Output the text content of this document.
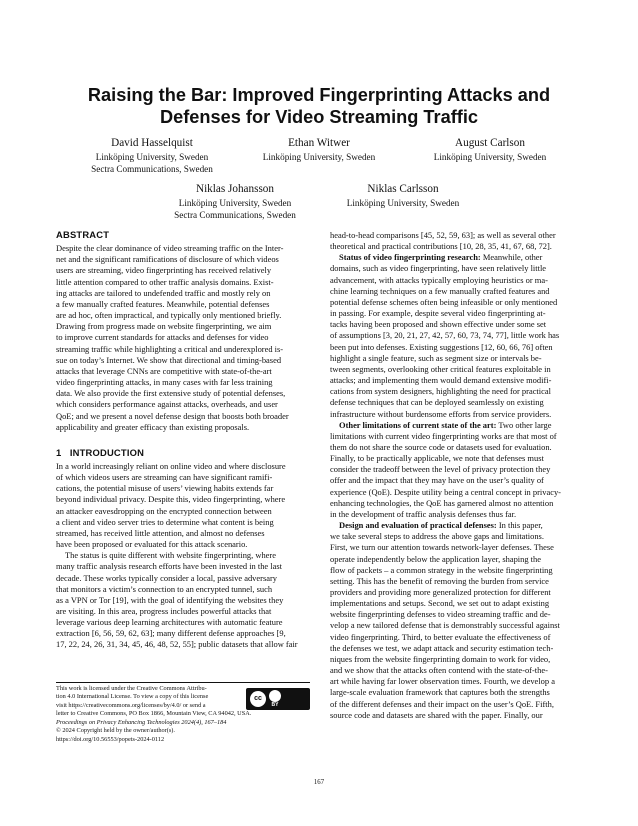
Raising the Bar: Improved Fingerprinting Attacks and
Defenses for Video Streaming Traffic
David Hasselquist
Linköping University, Sweden
Sectra Communications, Sweden
Ethan Witwer
Linköping University, Sweden
August Carlson
Linköping University, Sweden
Niklas Johansson
Linköping University, Sweden
Sectra Communications, Sweden
Niklas Carlsson
Linköping University, Sweden
ABSTRACT
Despite the clear dominance of video streaming traffic on the Inter-
net and the significant ramifications of disclosure of which videos
users are streaming, video fingerprinting has received relatively
little attention compared to other traffic analysis domains. Exist-
ing attacks are tailored to undefended traffic and mostly rely on
a few manually crafted features. Meanwhile, potential defenses
are ad hoc, often impractical, and typically only mentioned briefly.
Drawing from progress made on website fingerprinting, we aim
to improve current standards for attacks and defenses for video
streaming traffic while highlighting a critical and underexplored is-
sue on today’s Internet. We show that directional and timing-based
attacks that leverage CNNs are competitive with state-of-the-art
video fingerprinting attacks, in many cases with far less training
data. We also provide the first extensive study of potential defenses,
which considers performance against attacks, overheads, and user
QoE; and we present a novel defense design that boosts both broader
applicability and greater efficacy than existing proposals.
1   INTRODUCTION
In a world increasingly reliant on online video and where disclosure
of which videos users are streaming can have significant ramifi-
cations, the potential misuse of users’ viewing habits extends far
beyond individual privacy. Despite this, video fingerprinting, where
an attacker eavesdropping on the encrypted connection between
a client and video server tries to determine what content is being
streamed, has received little attention, and almost no defenses
have been proposed or evaluated for this attack scenario.
The status is quite different with website fingerprinting, where
many traffic analysis research efforts have been invested in the last
decade. These works typically consider a local, passive adversary
that monitors a victim’s connection to an encrypted tunnel, such
as a VPN or Tor [19], with the goal of identifying the websites they
are visiting. In this area, progress includes powerful attacks that
leverage various deep learning architectures with automatic feature
extraction [6, 56, 59, 62, 63]; many different defense approaches [9,
17, 22, 24, 26, 31, 34, 45, 46, 48, 52, 55]; public datasets that allow fair
This work is licensed under the Creative Commons Attribu-
tion 4.0 International License. To view a copy of this license
visit https://creativecommons.org/licenses/by/4.0/ or send a
letter to Creative Commons, PO Box 1866, Mountain View, CA 94042, USA.
Proceedings on Privacy Enhancing Technologies 2024(4), 167–184
© 2024 Copyright held by the owner/author(s).
https://doi.org/10.56553/popets-2024-0112
cc
BY
head-to-head comparisons [45, 52, 59, 63]; as well as several other
theoretical and practical contributions [10, 28, 35, 41, 67, 68, 72].
Status of video fingerprinting research: Meanwhile, other
domains, such as video fingerprinting, have seen relatively little
advancement, with attacks typically employing heuristics or ma-
chine learning techniques on a few manually crafted features and
potential defense schemes often being infeasible or only mentioned
in passing. For example, despite several video fingerprinting at-
tacks having been proposed and shown effective under some set
of assumptions [3, 20, 21, 27, 42, 57, 60, 73, 74, 77], little work has
been put into defenses. Existing suggestions [12, 60, 66, 76] often
highlight a single feature, such as segment size or intervals be-
tween segments, overlooking other critical features exploitable in
attacks; and implementing them would demand extensive modifi-
cations from system designers, highlighting the need for practical
defense techniques that can be deployed seamlessly on existing
infrastructure without burdensome efforts from service providers.
Other limitations of current state of the art: Two other large
limitations with current video fingerprinting works are that most of
them do not share the source code or datasets used for evaluation.
Finally, to be practically applicable, we note that defenses must
consider the tradeoff between the level of privacy protection they
offer and the impact that they may have on the user’s quality of
experience (QoE). Despite utility being a central concept in privacy-
enhancing technologies, the QoE has garnered almost no attention
in the development of traffic analysis defenses thus far.
Design and evaluation of practical defenses: In this paper,
we take several steps to address the above gaps and limitations.
First, we turn our attention towards network-layer defenses. These
operate independently below the application layer, shaping the
flow of packets – a common strategy in the website fingerprinting
setting. This has the benefit of removing the burden from service
providers and providing more generalized protection for different
implementations and setups. Second, we set out to adapt existing
website fingerprinting defenses to video streaming traffic and de-
velop a new tailored defense that is demonstrably successful against
video fingerprinting. Third, to better evaluate the effectiveness of
the defenses we test, we adapt attack and security estimation tech-
niques from the website fingerprinting domain to work for video,
and we show that the attacks often contend with the state-of-the-
art while having far lower observation times. Fourth, we develop a
large-scale evaluation framework that captures both the strengths
of the different defenses and their impact on the user’s QoE. Fifth,
source code and datasets are shared with the paper. Finally, our
167
